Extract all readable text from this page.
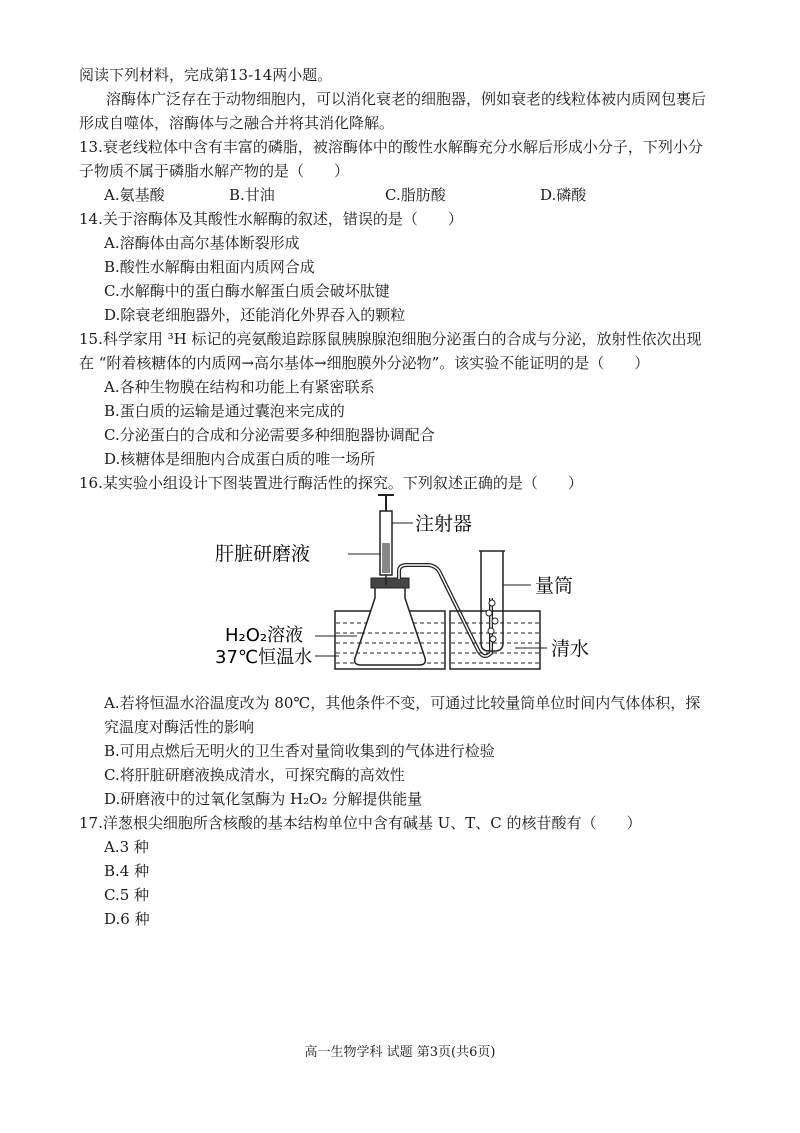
阅读下列材料，完成第13-14两小题。
溶酶体广泛存在于动物细胞内，可以消化衰老的细胞器，例如衰老的线粒体被内质网包裹后
形成自噬体，溶酶体与之融合并将其消化降解。
13.衰老线粒体中含有丰富的磷脂，被溶酶体中的酸性水解酶充分水解后形成小分子，下列小分
子物质不属于磷脂水解产物的是（　　）
A.氨基酸	B.甘油	C.脂肪酸	D.磷酸
14.关于溶酶体及其酸性水解酶的叙述，错误的是（　　）
A.溶酶体由高尔基体断裂形成
B.酸性水解酶由粗面内质网合成
C.水解酶中的蛋白酶水解蛋白质会破坏肽键
D.除衰老细胞器外，还能消化外界吞入的颗粒
15.科学家用 ³H 标记的亮氨酸追踪豚鼠胰腺腺泡细胞分泌蛋白的合成与分泌，放射性依次出现
在 “附着核糖体的内质网→高尔基体→细胞膜外分泌物”。该实验不能证明的是（　　）
A.各种生物膜在结构和功能上有紧密联系
B.蛋白质的运输是通过囊泡来完成的
C.分泌蛋白的合成和分泌需要多种细胞器协调配合
D.核糖体是细胞内合成蛋白质的唯一场所
16.某实验小组设计下图装置进行酶活性的探究。下列叙述正确的是（　　）
注射器
肝脏研磨液
量筒
H₂O₂溶液
37℃恒温水	清水
A.若将恒温水浴温度改为 80℃，其他条件不变，可通过比较量筒单位时间内气体体积，探
究温度对酶活性的影响
B.可用点燃后无明火的卫生香对量筒收集到的气体进行检验
C.将肝脏研磨液换成清水，可探究酶的高效性
D.研磨液中的过氧化氢酶为 H₂O₂ 分解提供能量
17.洋葱根尖细胞所含核酸的基本结构单位中含有碱基 U、T、C 的核苷酸有（　　）
A.3 种
B.4 种
C.5 种
D.6 种
高一生物学科 试题 第3页(共6页)
